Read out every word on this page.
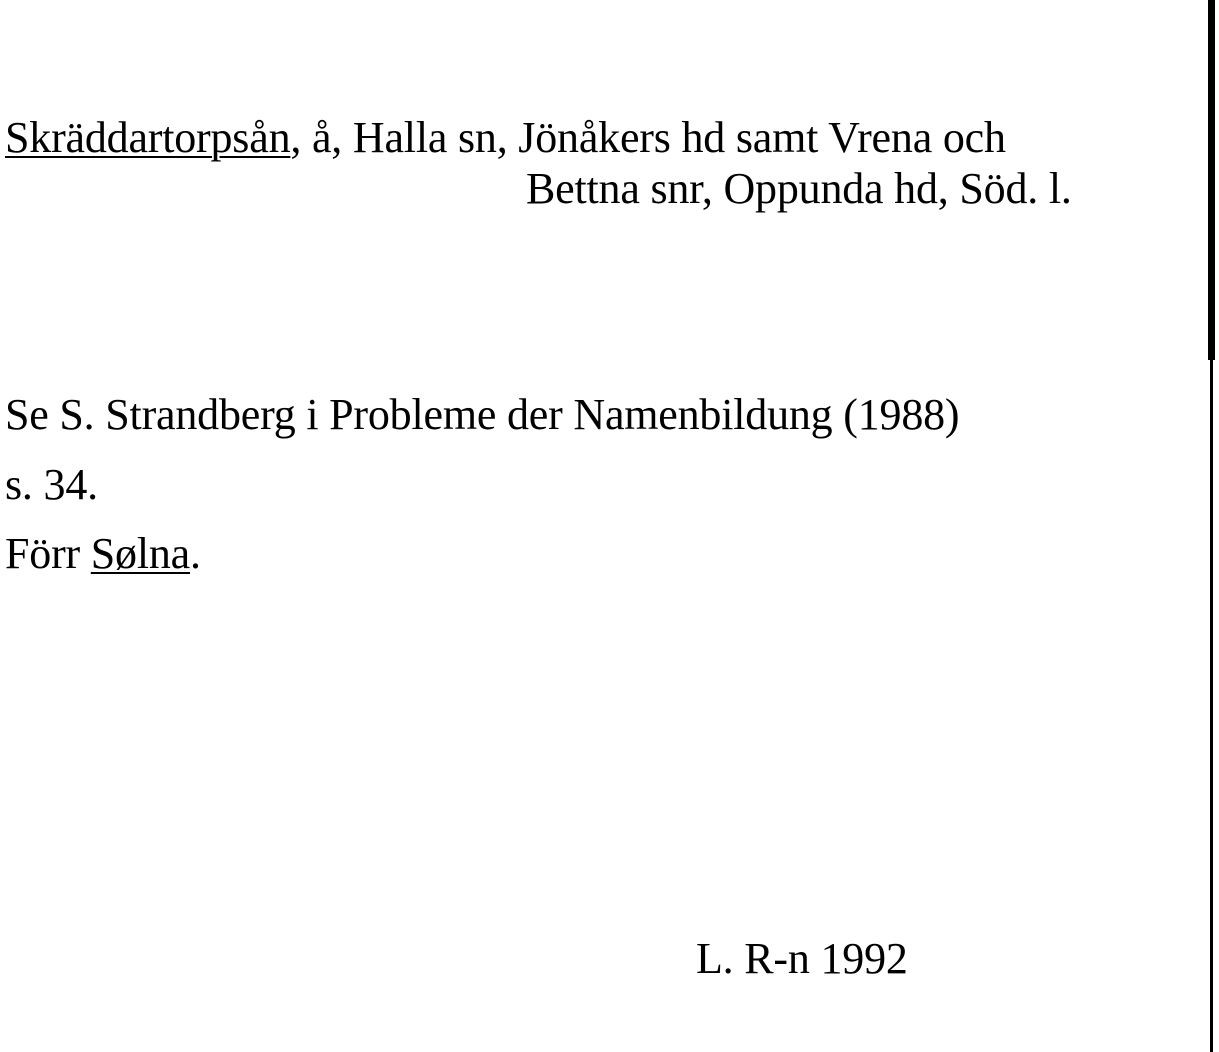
Skräddartorpsån, å, Halla sn, Jönåkers hd samt Vrena och
Bettna snr, Oppunda hd, Söd. l.
Se S. Strandberg i Probleme der Namenbildung (1988)
s. 34.
Förr Sølna.
L. R-n 1992
